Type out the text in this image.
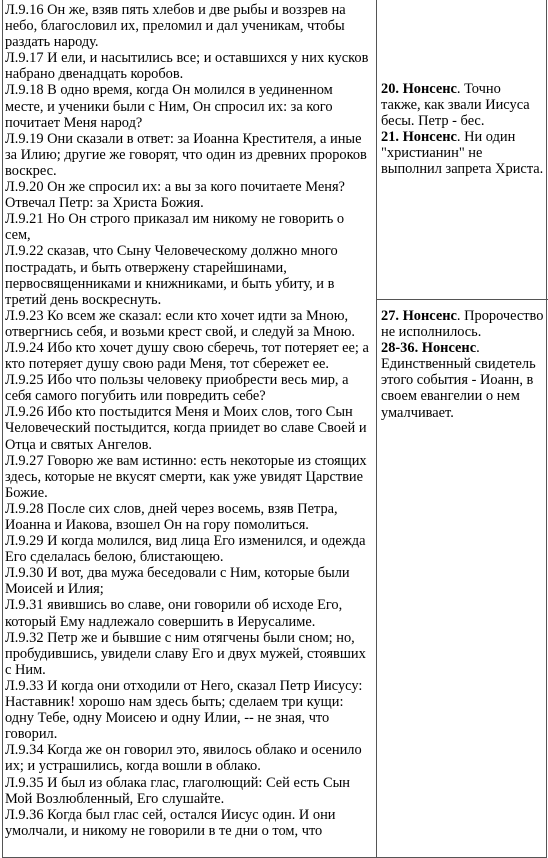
Л.9.16 Он же, взяв пять хлебов и две рыбы и воззрев на
небо, благословил их, преломил и дал ученикам, чтобы
раздать народу.
Л.9.17 И ели, и насытились все; и оставшихся у них кусков
набрано двенадцать коробов.
Л.9.18 В одно время, когда Он молился в уединенном
месте, и ученики были с Ним, Он спросил их: за кого
почитает Меня народ?
Л.9.19 Они сказали в ответ: за Иоанна Крестителя, а иные
за Илию; другие же говорят, что один из древних пророков
воскрес.
Л.9.20 Он же спросил их: а вы за кого почитаете Меня?
Отвечал Петр: за Христа Божия.
Л.9.21 Но Он строго приказал им никому не говорить о
сем,
Л.9.22 сказав, что Сыну Человеческому должно много
пострадать, и быть отвержену старейшинами,
первосвященниками и книжниками, и быть убиту, и в
третий день воскреснуть.
Л.9.23 Ко всем же сказал: если кто хочет идти за Мною,
отвергнись себя, и возьми крест свой, и следуй за Мною.
Л.9.24 Ибо кто хочет душу свою сберечь, тот потеряет ее; а
кто потеряет душу свою ради Меня, тот сбережет ее.
Л.9.25 Ибо что пользы человеку приобрести весь мир, а
себя самого погубить или повредить себе?
Л.9.26 Ибо кто постыдится Меня и Моих слов, того Сын
Человеческий постыдится, когда приидет во славе Своей и
Отца и святых Ангелов.
Л.9.27 Говорю же вам истинно: есть некоторые из стоящих
здесь, которые не вкусят смерти, как уже увидят Царствие
Божие.
Л.9.28 После сих слов, дней через восемь, взяв Петра,
Иоанна и Иакова, взошел Он на гору помолиться.
Л.9.29 И когда молился, вид лица Его изменился, и одежда
Его сделалась белою, блистающею.
Л.9.30 И вот, два мужа беседовали с Ним, которые были
Моисей и Илия;
Л.9.31 явившись во славе, они говорили об исходе Его,
который Ему надлежало совершить в Иерусалиме.
Л.9.32 Петр же и бывшие с ним отягчены были сном; но,
пробудившись, увидели славу Его и двух мужей, стоявших
с Ним.
Л.9.33 И когда они отходили от Него, сказал Петр Иисусу:
Наставник! хорошо нам здесь быть; сделаем три кущи:
одну Тебе, одну Моисею и одну Илии, -- не зная, что
говорил.
Л.9.34 Когда же он говорил это, явилось облако и осенило
их; и устрашились, когда вошли в облако.
Л.9.35 И был из облака глас, глаголющий: Сей есть Сын
Мой Возлюбленный, Его слушайте.
Л.9.36 Когда был глас сей, остался Иисус один. И они
умолчали, и никому не говорили в те дни о том, что
20. Нонсенс. Точно
также, как звали Иисуса
бесы. Петр - бес.
21. Нонсенс. Ни один
"христианин" не
выполнил запрета Христа.
27. Нонсенс. Пророчество
не исполнилось.
28-36. Нонсенс.
Единственный свидетель
этого события - Иоанн, в
своем евангелии о нем
умалчивает.
